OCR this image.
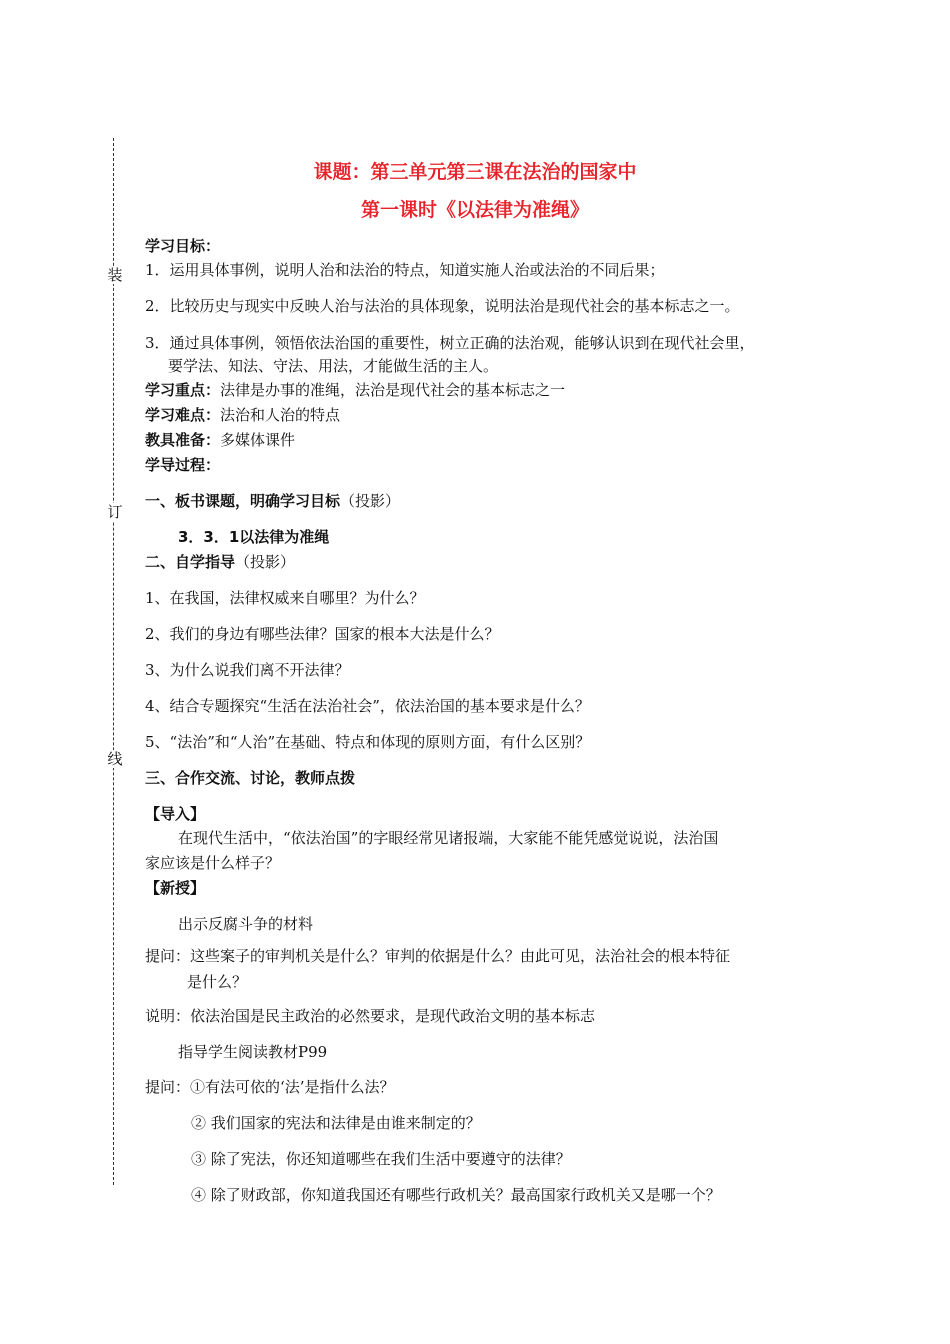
装
订
线
课题：第三单元第三课在法治的国家中
第一课时《以法律为准绳》
学习目标：
1．运用具体事例，说明人治和法治的特点，知道实施人治或法治的不同后果；
2．比较历史与现实中反映人治与法治的具体现象，说明法治是现代社会的基本标志之一。
3．通过具体事例，领悟依法治国的重要性，树立正确的法治观，能够认识到在现代社会里，
要学法、知法、守法、用法，才能做生活的主人。
学习重点：法律是办事的准绳，法治是现代社会的基本标志之一
学习难点：法治和人治的特点
教具准备：多媒体课件
学导过程：
一、板书课题，明确学习目标（投影）
3．3．1以法律为准绳
二、自学指导（投影）
1、在我国，法律权威来自哪里？为什么？
2、我们的身边有哪些法律？国家的根本大法是什么？
3、为什么说我们离不开法律？
4、结合专题探究“生活在法治社会”，依法治国的基本要求是什么？
5、“法治”和“人治”在基础、特点和体现的原则方面，有什么区别？
三、合作交流、讨论，教师点拨
【导入】
在现代生活中，“依法治国”的字眼经常见诸报端，大家能不能凭感觉说说，法治国
家应该是什么样子？
【新授】
出示反腐斗争的材料
提问：这些案子的审判机关是什么？审判的依据是什么？由此可见，法治社会的根本特征
是什么？
说明：依法治国是民主政治的必然要求，是现代政治文明的基本标志
指导学生阅读教材P99
提问：①有法可依的‘法’是指什么法？
② 我们国家的宪法和法律是由谁来制定的？
③ 除了宪法，你还知道哪些在我们生活中要遵守的法律？
④ 除了财政部，你知道我国还有哪些行政机关？最高国家行政机关又是哪一个？
